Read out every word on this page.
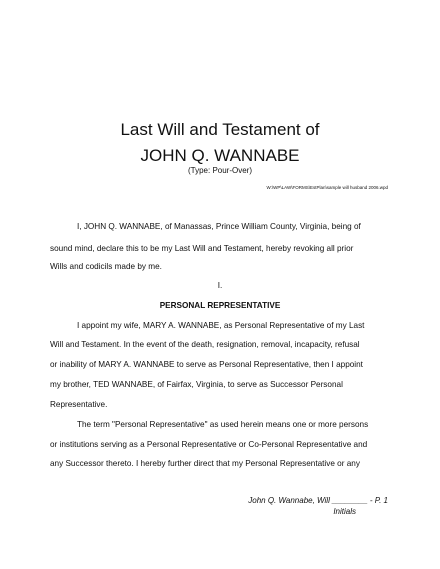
Last Will and Testament of
JOHN Q. WANNABE
(Type: Pour-Over)
W:\WP\LAW\FORMS\EstPlan\sample will husband 2006.wpd
I, JOHN Q. WANNABE, of Manassas, Prince William County, Virginia, being of
sound mind, declare this to be my Last Will and Testament, hereby revoking all prior
Wills and codicils made by me.
I.
PERSONAL REPRESENTATIVE
I appoint my wife, MARY A. WANNABE, as Personal Representative of my Last
Will and Testament. In the event of the death, resignation, removal, incapacity, refusal
or inability of MARY A. WANNABE to serve as Personal Representative, then I appoint
my brother, TED WANNABE, of Fairfax, Virginia, to serve as Successor Personal
Representative.
The term "Personal Representative" as used herein means one or more persons
or institutions serving as a Personal Representative or Co-Personal Representative and
any Successor thereto. I hereby further direct that my Personal Representative or any
John Q. Wannabe, Will ________ - P. 1
Initials
